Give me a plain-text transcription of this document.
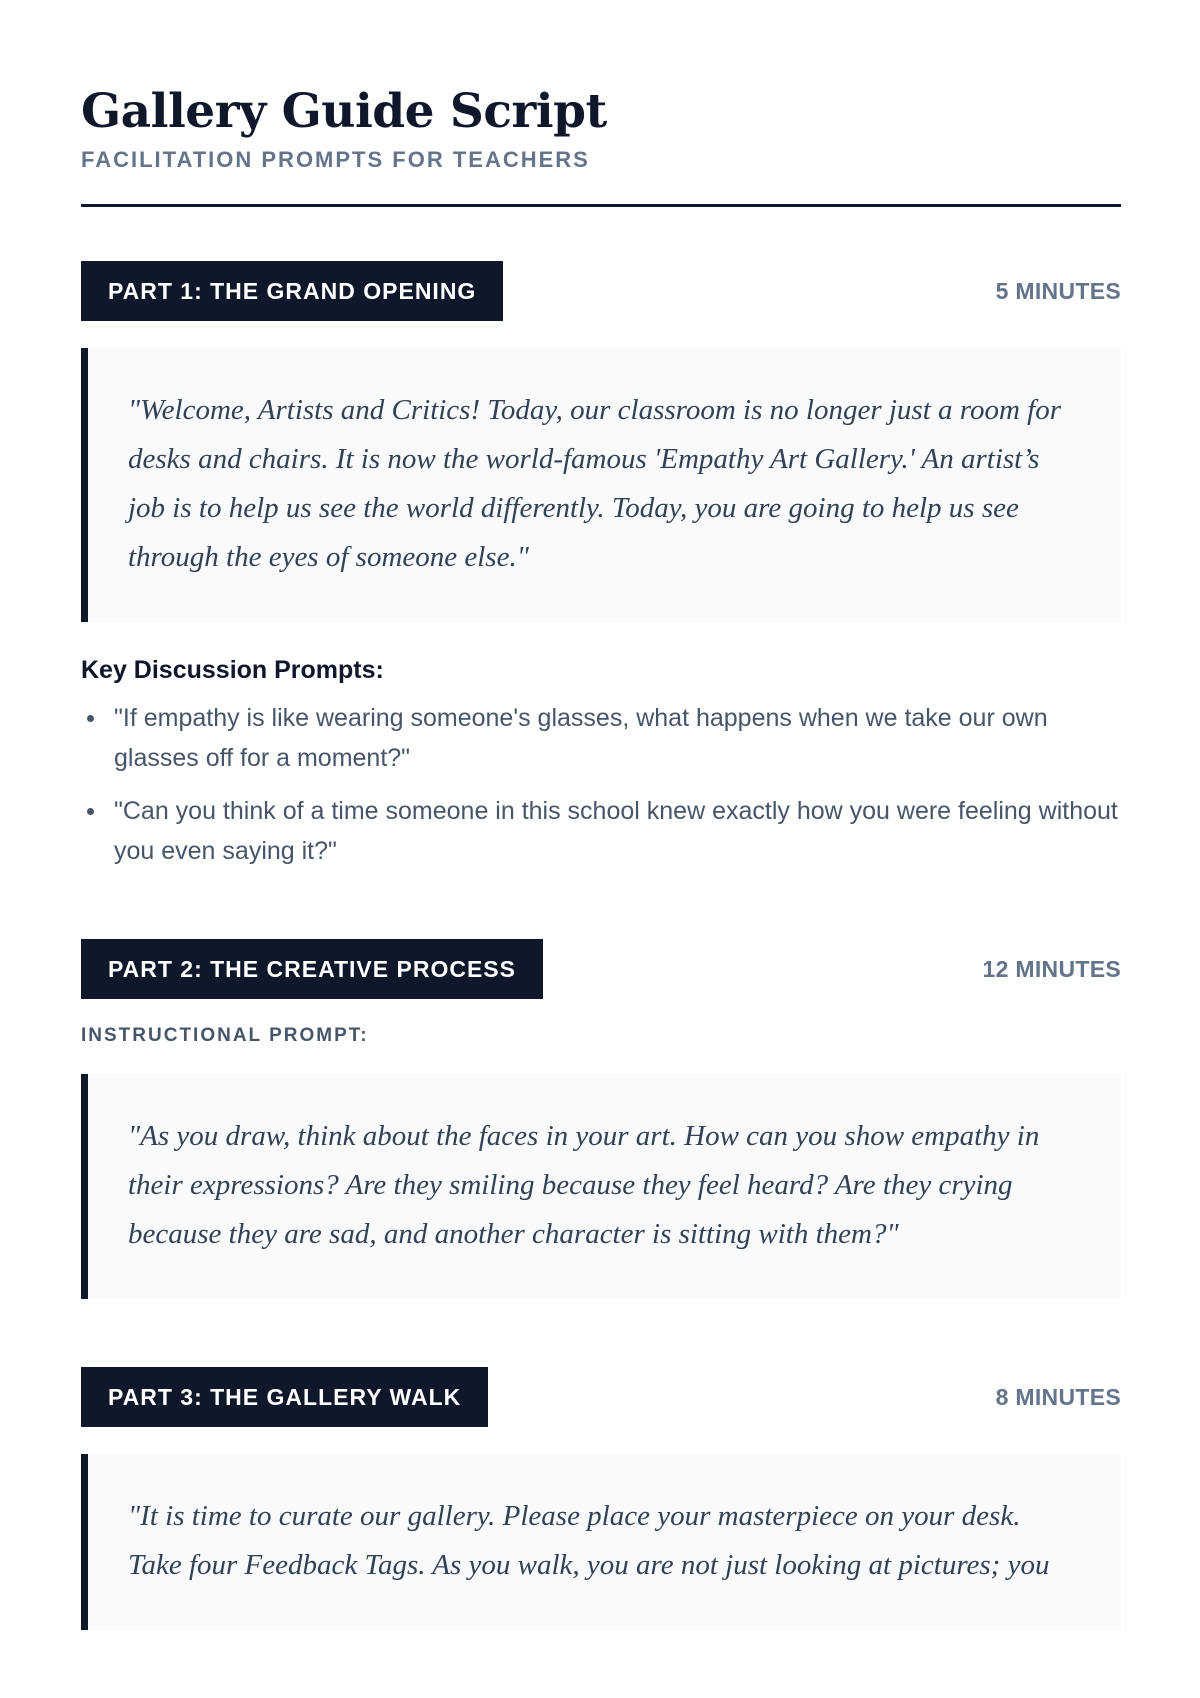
Gallery Guide Script
FACILITATION PROMPTS FOR TEACHERS
PART 1: THE GRAND OPENING	5 MINUTES

"Welcome, Artists and Critics! Today, our classroom is no longer just a room for desks and chairs. It is now the world-famous 'Empathy Art Gallery.' An artist’s job is to help us see the world differently. Today, you are going to help us see through the eyes of someone else."

Key Discussion Prompts:
"If empathy is like wearing someone's glasses, what happens when we take our own glasses off for a moment?"
"Can you think of a time someone in this school knew exactly how you were feeling without you even saying it?"
PART 2: THE CREATIVE PROCESS	12 MINUTES
INSTRUCTIONAL PROMPT:

"As you draw, think about the faces in your art. How can you show empathy in their expressions? Are they smiling because they feel heard? Are they crying because they are sad, and another character is sitting with them?"

PART 3: THE GALLERY WALK	8 MINUTES

"It is time to curate our gallery. Please place your masterpiece on your desk. Take four Feedback Tags. As you walk, you are not just looking at pictures; you
